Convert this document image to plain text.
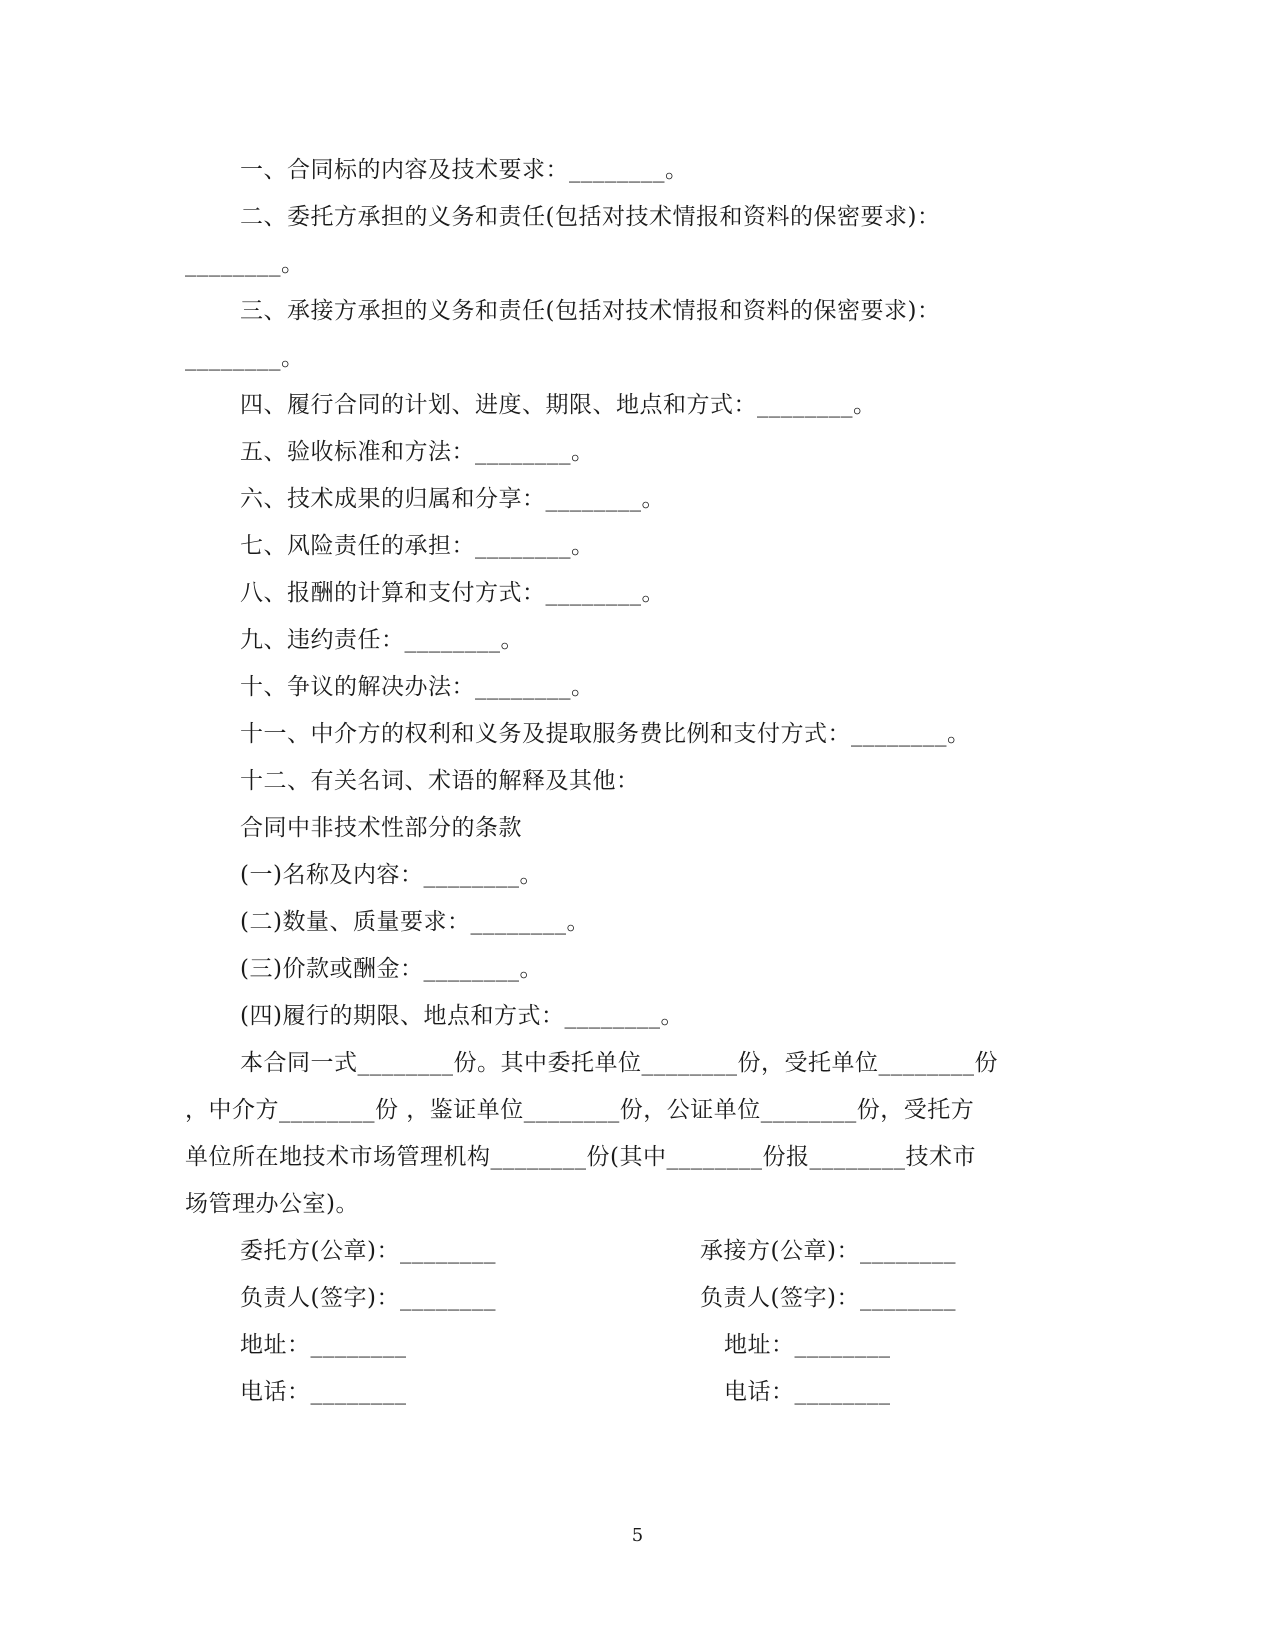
一、合同标的内容及技术要求：________。
二、委托方承担的义务和责任(包括对技术情报和资料的保密要求)：
________。
三、承接方承担的义务和责任(包括对技术情报和资料的保密要求)：
________。
四、履行合同的计划、进度、期限、地点和方式：________。
五、验收标准和方法：________。
六、技术成果的归属和分享：________。
七、风险责任的承担：________。
八、报酬的计算和支付方式：________。
九、违约责任：________。
十、争议的解决办法：________。
十一、中介方的权利和义务及提取服务费比例和支付方式：________。
十二、有关名词、术语的解释及其他：
合同中非技术性部分的条款
(一)名称及内容：________。
(二)数量、质量要求：________。
(三)价款或酬金：________。
(四)履行的期限、地点和方式：________。
本合同一式________份。其中委托单位________份，受托单位________份
，中介方________份 ，鉴证单位________份，公证单位________份，受托方
单位所在地技术市场管理机构________份(其中________份报________技术市
场管理办公室)。
委托方(公章)：________	承接方(公章)：________
负责人(签字)：________	负责人(签字)：________
地址：________	地址：________
电话：________	电话：________
5
